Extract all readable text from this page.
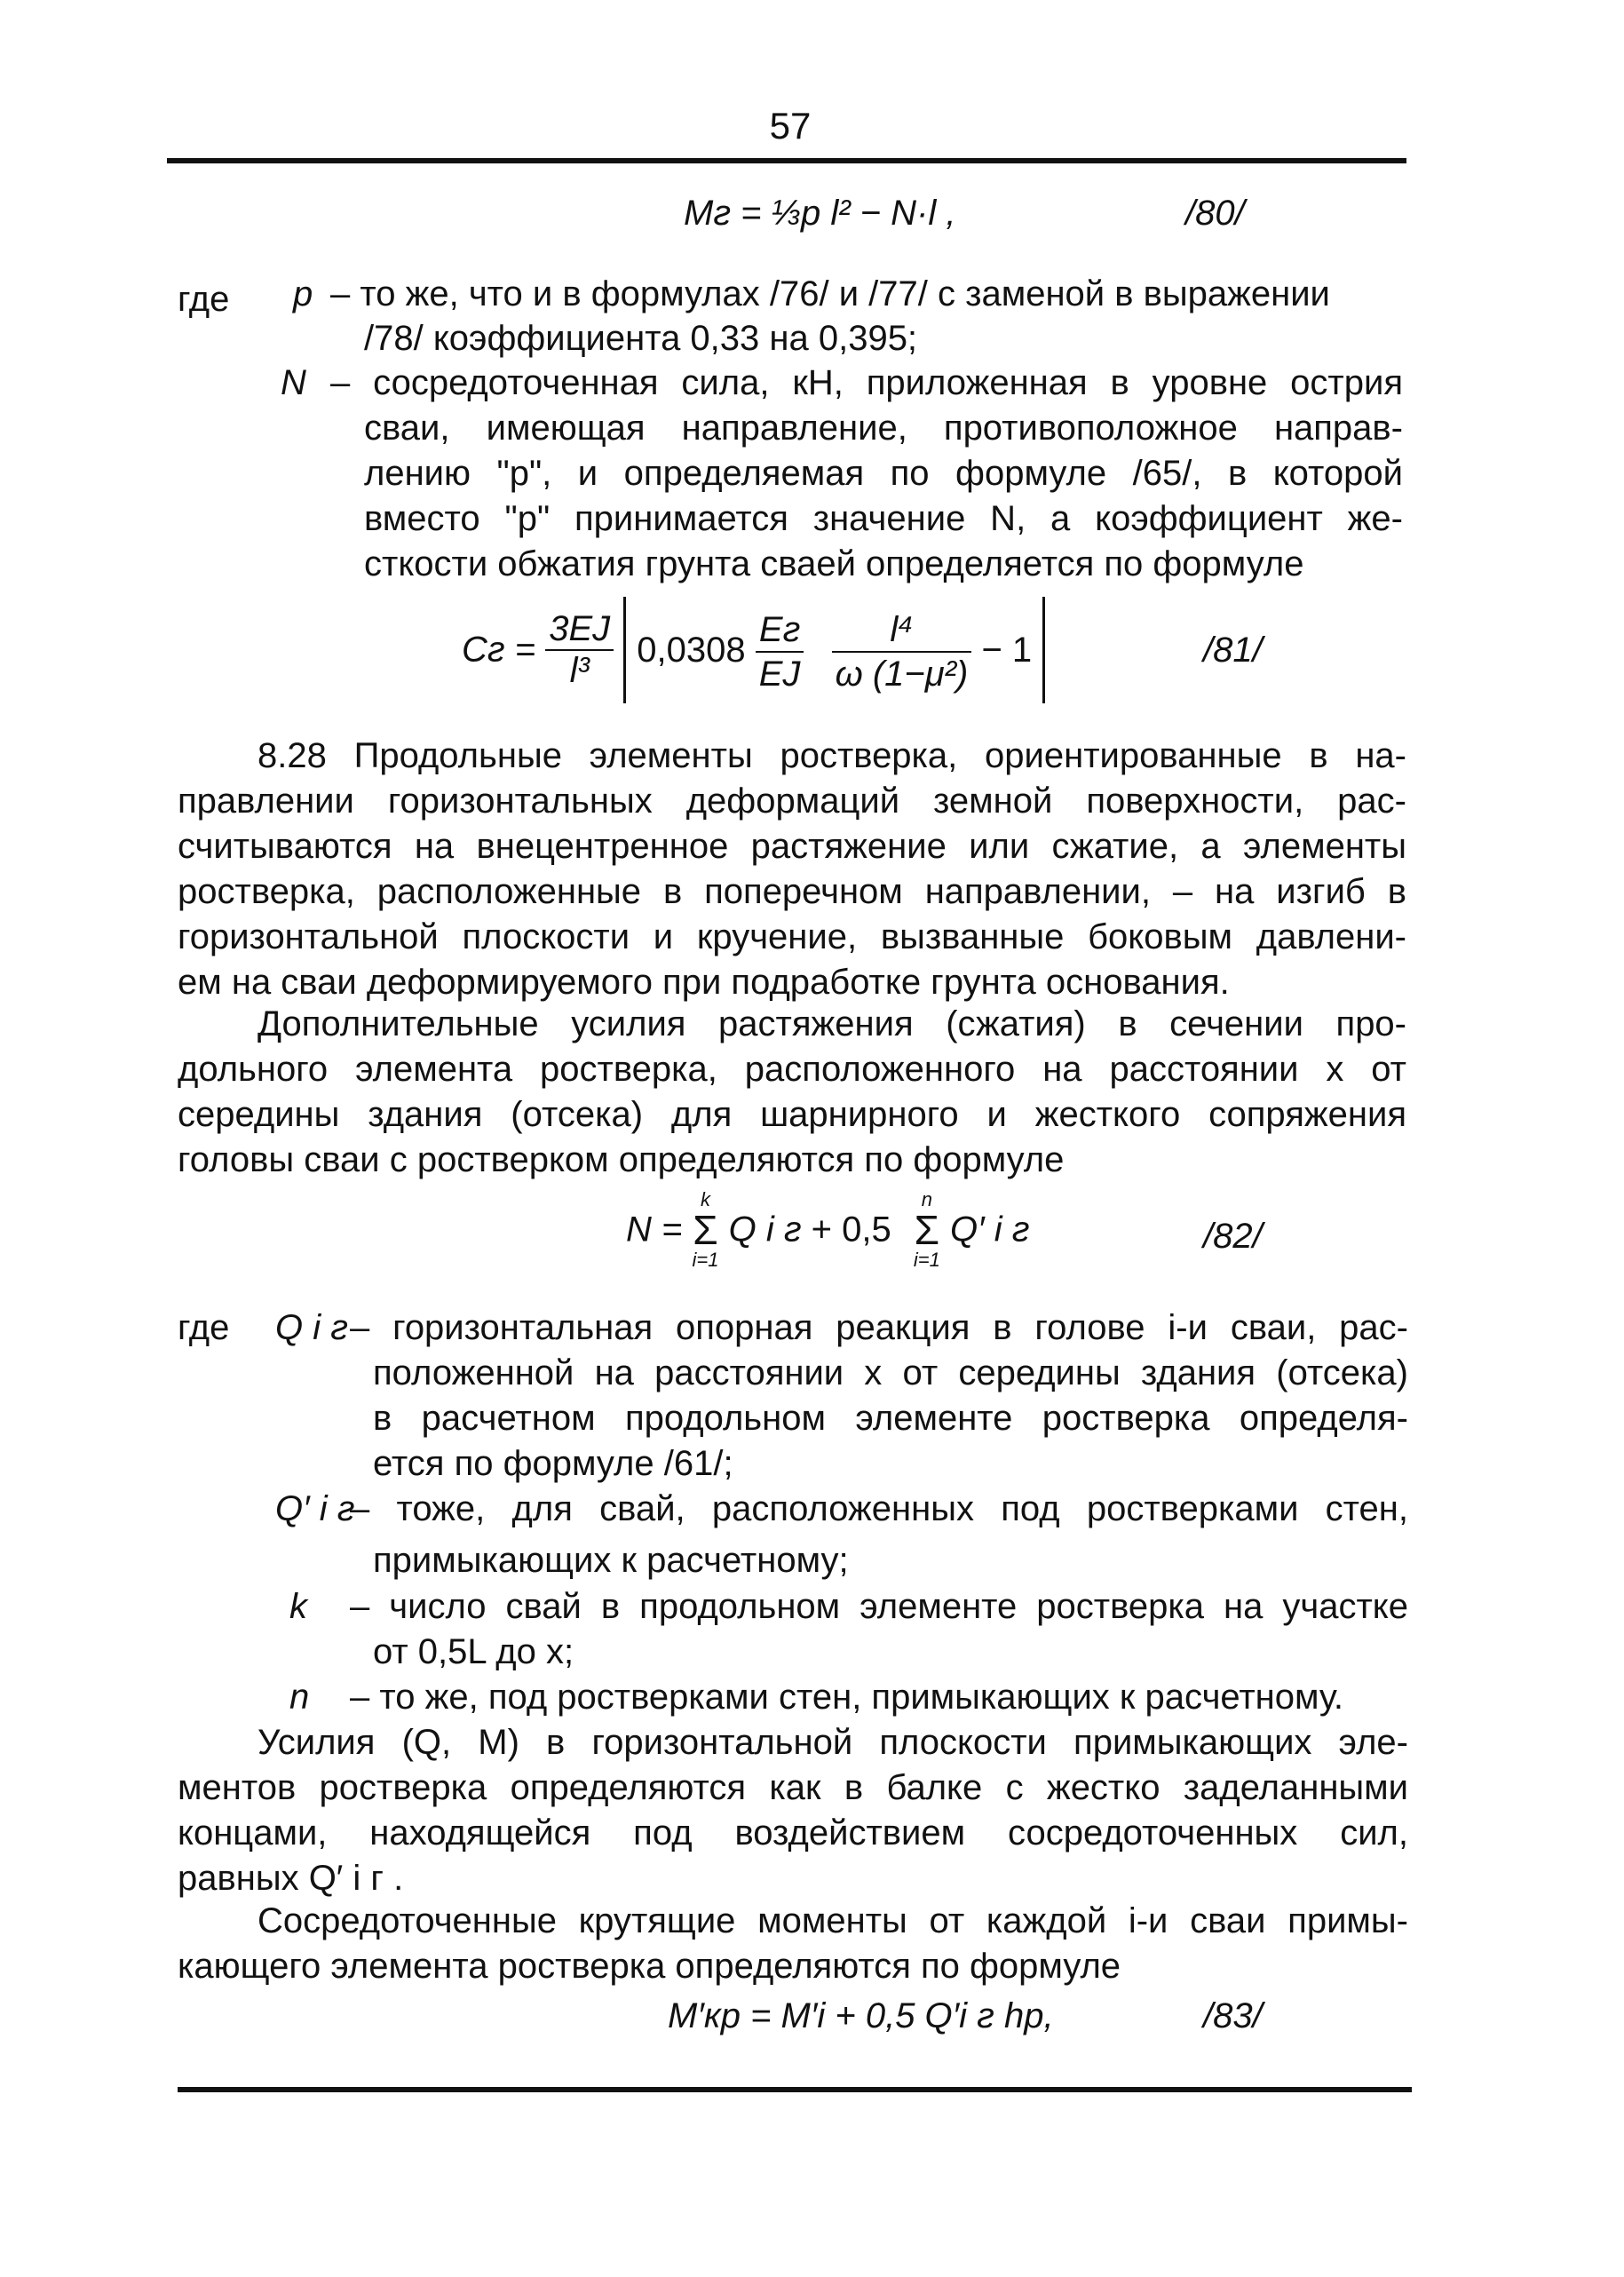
57
Mг = ⅓p l² − N·l ,	/80/
где p – то же, что и в формулах /76/ и /77/ с заменой в выражении
/78/ коэффициента 0,33 на 0,395;
N – сосредоточенная сила, кН, приложенная в уровне острия
сваи, имеющая направление, противоположное направ-
лению "р", и определяемая по формуле /65/, в которой
вместо "р" принимается значение N, а коэффициент же-
сткости обжатия грунта сваей определяется по формуле
Cг = $\frac{3EJ}{\text{l³}} 0,0308 \frac{Eг}{EJ}$
$\frac{\text{l⁴}}{\text{ω (1−μ²)}} - 1$	/81/
8.28 Продольные элементы ростверка, ориентированные в на-
правлении горизонтальных деформаций земной поверхности, рас-
считываются на внецентренное растяжение или сжатие, а элементы
ростверка, расположенные в поперечном направлении, – на изгиб в
горизонтальной плоскости и кручение, вызванные боковым давлени-
ем на сваи деформируемого при подработке грунта основания.
Дополнительные усилия растяжения (сжатия) в сечении про-
дольного элемента ростверка, расположенного на расстоянии x от
середины здания (отсека) для шарнирного и жесткого сопряжения
головы сваи с ростверком определяются по формуле
N =
k
Σ
i=1
Q i г + 0,5
n
Σ
i=1
Q′ i г	/82/
где Q i г – горизонтальная опорная реакция в голове i-и сваи, рас-
положенной на расстоянии x от середины здания (отсека)
в расчетном продольном элементе ростверка определя-
ется по формуле /61/;
Q′ i г
– тоже, для свай, расположенных под ростверками стен,
примыкающих к расчетному;
k – число свай в продольном элементе ростверка на участке
от 0,5L до x;
n – то же, под ростверками стен, примыкающих к расчетному.
Усилия (Q, M) в горизонтальной плоскости примыкающих эле-
ментов ростверка определяются как в балке с жестко заделанными
концами, находящейся под воздействием сосредоточенных сил,
равных Q′ i г .
Сосредоточенные крутящие моменты от каждой i-и сваи примы-
кающего элемента ростверка определяются по формуле
M′кр = M′i + 0,5 Q′i г hр,	/83/
